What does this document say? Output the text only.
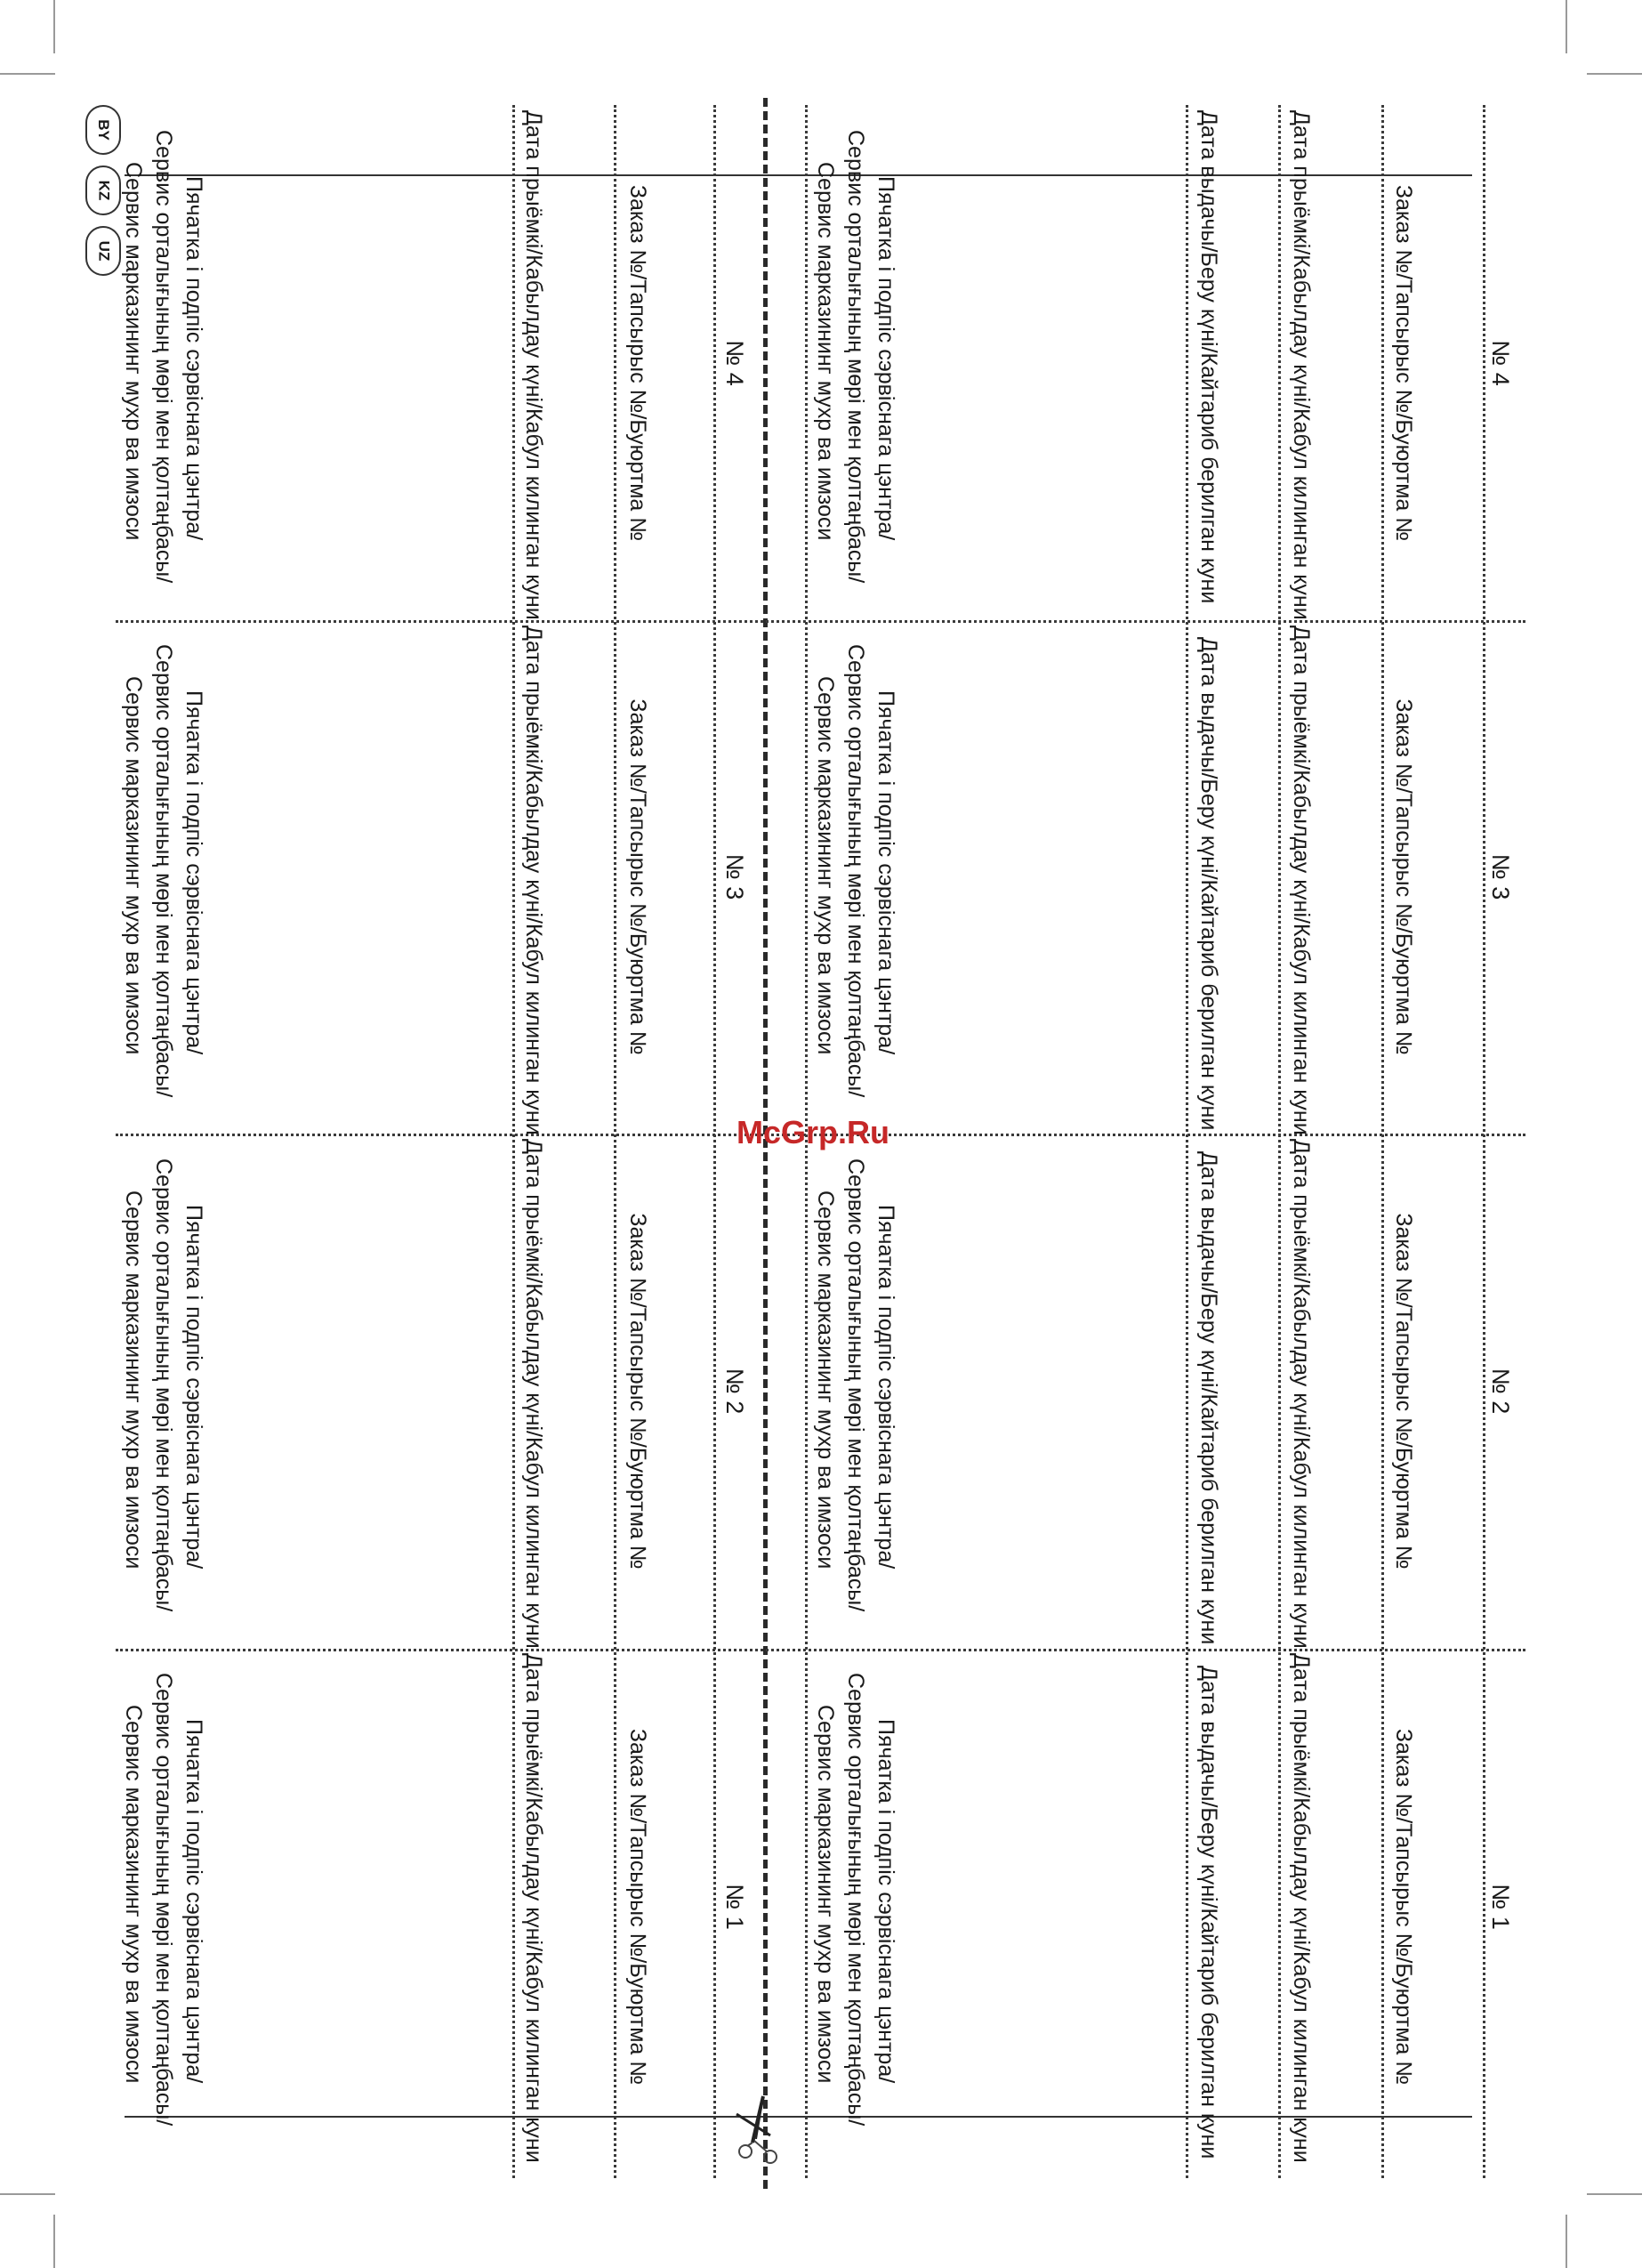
BY
KZ
UZ
McGrp.Ru
№ 4
Заказ №/Тапсырыс №/Буюртма №
Дата прыёмкі/Кабылдау күні/Кабул килинган куни
Дата выдачы/Беру күні/Кайтариб берилган куни
Пячатка і подпіс сэрвіснага цэнтра/
Сервис орталығының мөрі мен қолтаңбасы/
Сервис марказининг мухр ва имзоси
№ 4
Заказ №/Тапсырыс №/Буюртма №
Дата прыёмкі/Кабылдау күні/Кабул килинган куни
Пячатка і подпіс сэрвіснага цэнтра/
Сервис орталығының мөрі мен қолтаңбасы/
Сервис марказининг мухр ва имзоси
№ 3
Заказ №/Тапсырыс №/Буюртма №
Дата прыёмкі/Кабылдау күні/Кабул килинган куни
Дата выдачы/Беру күні/Кайтариб берилган куни
Пячатка і подпіс сэрвіснага цэнтра/
Сервис орталығының мөрі мен қолтаңбасы/
Сервис марказининг мухр ва имзоси
№ 3
Заказ №/Тапсырыс №/Буюртма №
Дата прыёмкі/Кабылдау күні/Кабул килинган куни
Пячатка і подпіс сэрвіснага цэнтра/
Сервис орталығының мөрі мен қолтаңбасы/
Сервис марказининг мухр ва имзоси
№ 2
Заказ №/Тапсырыс №/Буюртма №
Дата прыёмкі/Кабылдау күні/Кабул килинган куни
Дата выдачы/Беру күні/Кайтариб берилган куни
Пячатка і подпіс сэрвіснага цэнтра/
Сервис орталығының мөрі мен қолтаңбасы/
Сервис марказининг мухр ва имзоси
№ 2
Заказ №/Тапсырыс №/Буюртма №
Дата прыёмкі/Кабылдау күні/Кабул килинган куни
Пячатка і подпіс сэрвіснага цэнтра/
Сервис орталығының мөрі мен қолтаңбасы/
Сервис марказининг мухр ва имзоси
№ 1
Заказ №/Тапсырыс №/Буюртма №
Дата прыёмкі/Кабылдау күні/Кабул килинган куни
Дата выдачы/Беру күні/Кайтариб берилган куни
Пячатка і подпіс сэрвіснага цэнтра/
Сервис орталығының мөрі мен қолтаңбасы/
Сервис марказининг мухр ва имзоси
№ 1
Заказ №/Тапсырыс №/Буюртма №
Дата прыёмкі/Кабылдау күні/Кабул килинган куни
Пячатка і подпіс сэрвіснага цэнтра/
Сервис орталығының мөрі мен қолтаңбасы/
Сервис марказининг мухр ва имзоси
